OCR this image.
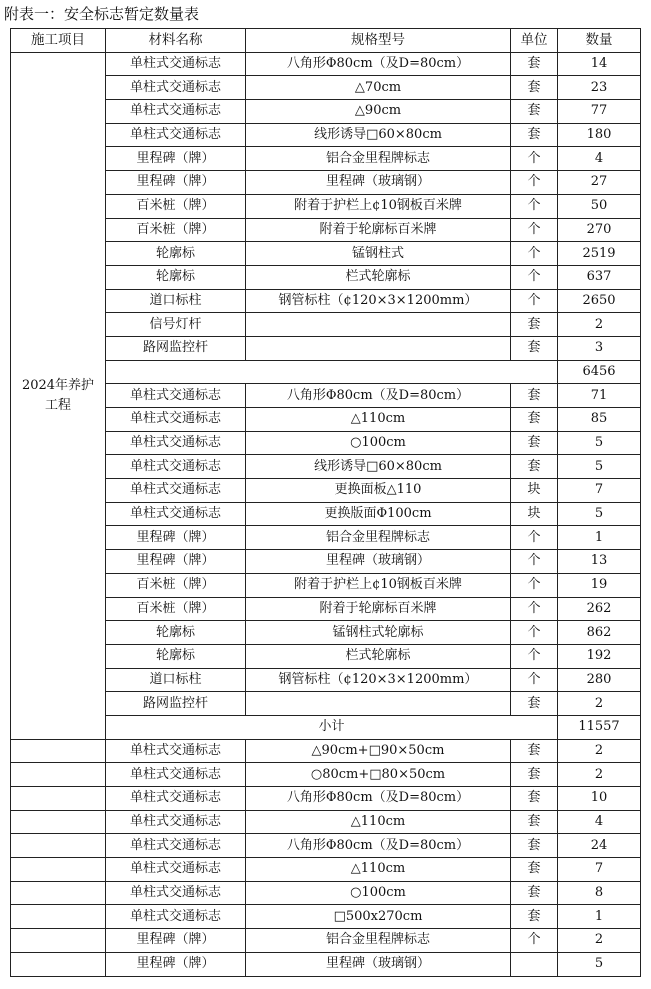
附表一：安全标志暂定数量表
施工项目	材料名称	规格型号	单位	数量
2024年养护工程	单柱式交通标志	八角形Φ80cm（及D=80cm）	套	14
	单柱式交通标志	△70cm	套	23
	单柱式交通标志	△90cm	套	77
	单柱式交通标志	线形诱导□60×80cm	套	180
	里程碑（牌）	铝合金里程牌标志	个	4
	里程碑（牌）	里程碑（玻璃钢）	个	27
	百米桩（牌）	附着于护栏上¢10钢板百米牌	个	50
	百米桩（牌）	附着于轮廓标百米牌	个	270
	轮廓标	锰钢柱式	个	2519
	轮廓标	栏式轮廓标	个	637
	道口标柱	钢管标柱（¢120×3×1200mm）	个	2650
	信号灯杆		套	2
	路网监控杆		套	3
				6456
	单柱式交通标志	八角形Φ80cm（及D=80cm）	套	71
	单柱式交通标志	△110cm	套	85
	单柱式交通标志	○100cm	套	5
	单柱式交通标志	线形诱导□60×80cm	套	5
	单柱式交通标志	更换面板△110	块	7
	单柱式交通标志	更换版面Φ100cm	块	5
	里程碑（牌）	铝合金里程牌标志	个	1
	里程碑（牌）	里程碑（玻璃钢）	个	13
	百米桩（牌）	附着于护栏上¢10钢板百米牌	个	19
	百米桩（牌）	附着于轮廓标百米牌	个	262
	轮廓标	锰钢柱式轮廓标	个	862
	轮廓标	栏式轮廓标	个	192
	道口标柱	钢管标柱（¢120×3×1200mm）	个	280
	路网监控杆		套	2
	小计			11557
	单柱式交通标志	△90cm+□90×50cm	套	2
	单柱式交通标志	○80cm+□80×50cm	套	2
	单柱式交通标志	八角形Φ80cm（及D=80cm）	套	10
	单柱式交通标志	△110cm	套	4
	单柱式交通标志	八角形Φ80cm（及D=80cm）	套	24
	单柱式交通标志	△110cm	套	7
	单柱式交通标志	○100cm	套	8
	单柱式交通标志	□500x270cm	套	1
	里程碑（牌）	铝合金里程牌标志	个	2
	里程碑（牌）	里程碑（玻璃钢）		5
